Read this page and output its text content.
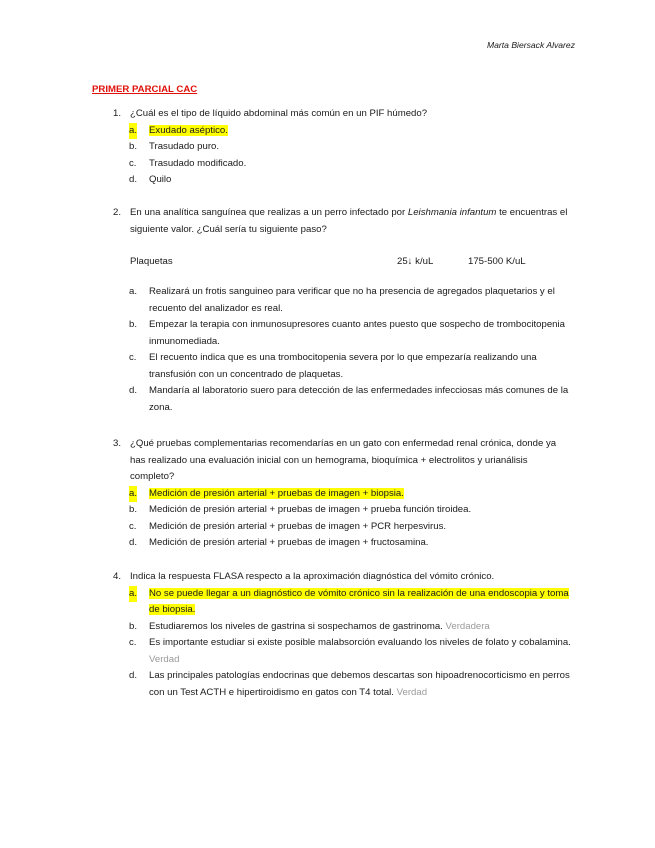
Marta Biersack Alvarez
PRIMER PARCIAL CAC
1. ¿Cuál es el tipo de líquido abdominal más común en un PIF húmedo?
a. Exudado aséptico.
b. Trasudado puro.
c. Trasudado modificado.
d. Quilo
2. En una analítica sanguínea que realizas a un perro infectado por Leishmania infantum te encuentras el siguiente valor. ¿Cuál sería tu siguiente paso?
Plaquetas	25↓ k/uL	175-500 K/uL
a. Realizará un frotis sanguineo para verificar que no ha presencia de agregados plaquetarios y el recuento del analizador es real.
b. Empezar la terapia con inmunosupresores cuanto antes puesto que sospecho de trombocitopenia inmunomediada.
c. El recuento indica que es una trombocitopenia severa por lo que empezaría realizando una transfusión con un concentrado de plaquetas.
d. Mandaría al laboratorio suero para detección de las enfermedades infecciosas más comunes de la zona.
3. ¿Qué pruebas complementarias recomendarías en un gato con enfermedad renal crónica, donde ya has realizado una evaluación inicial con un hemograma, bioquímica + electrolitos y urianálisis completo?
a. Medición de presión arterial + pruebas de imagen + biopsia.
b. Medición de presión arterial + pruebas de imagen + prueba función tiroidea.
c. Medición de presión arterial + pruebas de imagen + PCR herpesvirus.
d. Medición de presión arterial + pruebas de imagen + fructosamina.
4. Indica la respuesta FLASA respecto a la aproximación diagnóstica del vómito crónico.
a. No se puede llegar a un diagnóstico de vómito crónico sin la realización de una endoscopia y toma de biopsia.
b. Estudiaremos los niveles de gastrina si sospechamos de gastrinoma. Verdadera
c. Es importante estudiar si existe posible malabsorción evaluando los niveles de folato y cobalamina. Verdad
d. Las principales patologías endocrinas que debemos descartas son hipoadrenocorticismo en perros con un Test ACTH e hipertiroidismo en gatos con T4 total. Verdad
